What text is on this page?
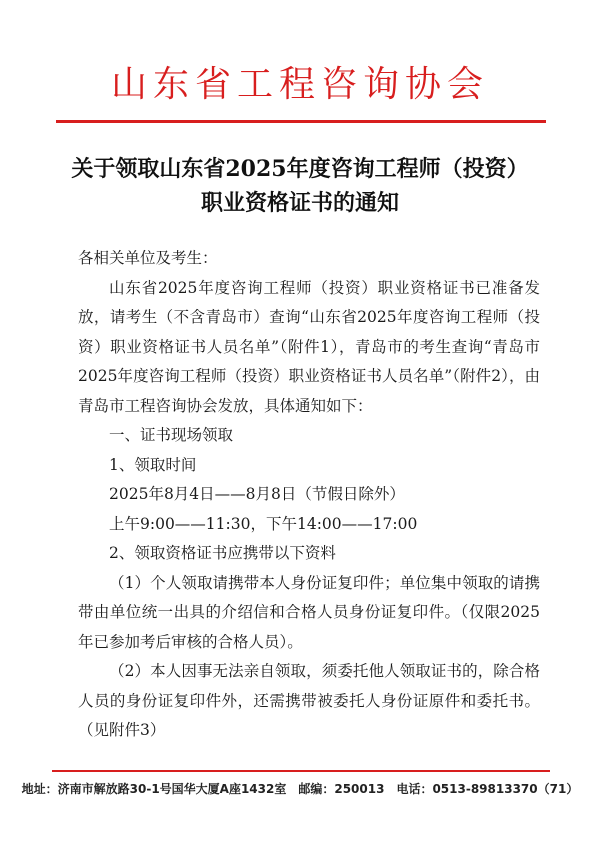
山东省工程咨询协会
关于领取山东省2025年度咨询工程师（投资）
职业资格证书的通知

各相关单位及考生：

山东省2025年度咨询工程师（投资）职业资格证书已准备发放，请考生（不含青岛市）查询“山东省2025年度咨询工程师（投资）职业资格证书人员名单”（附件1），青岛市的考生查询“青岛市2025年度咨询工程师（投资）职业资格证书人员名单”（附件2），由青岛市工程咨询协会发放，具体通知如下：

一、证书现场领取

1、领取时间

2025年8月4日——8月8日（节假日除外）

上午9:00——11:30，下午14:00——17:00

2、领取资格证书应携带以下资料

（1）个人领取请携带本人身份证复印件；单位集中领取的请携带由单位统一出具的介绍信和合格人员身份证复印件。（仅限2025年已参加考后审核的合格人员）。

（2）本人因事无法亲自领取，须委托他人领取证书的，除合格人员的身份证复印件外，还需携带被委托人身份证原件和委托书。（见附件3）

地址：济南市解放路30-1号国华大厦A座1432室　邮编：250013　电话：0513-89813370（71）
